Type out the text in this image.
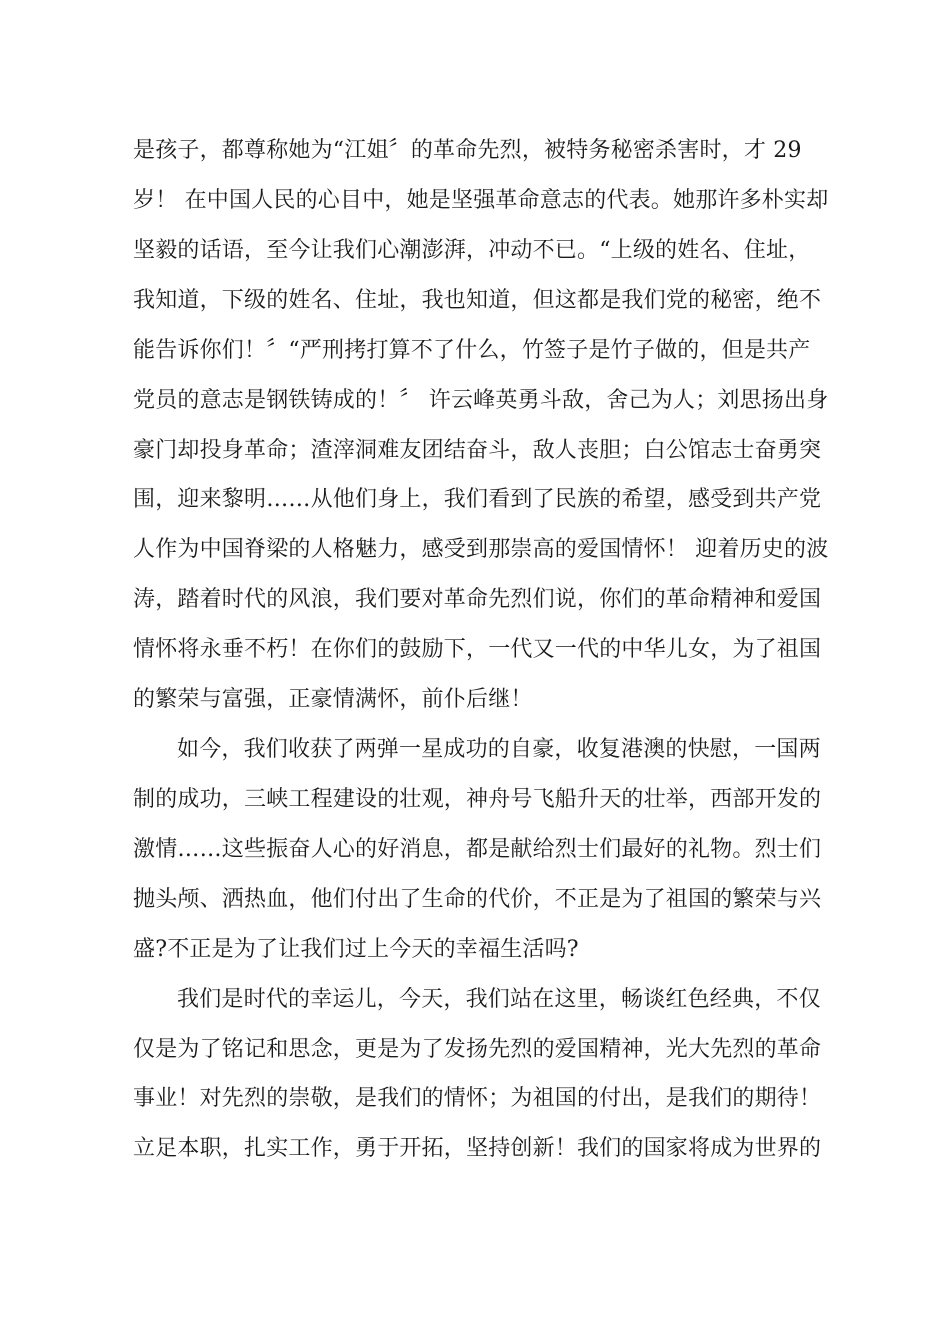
是孩子，都尊称她为“江姐〞的革命先烈，被特务秘密杀害时，才 29
岁！ 在中国人民的心目中，她是坚强革命意志的代表。她那许多朴实却
坚毅的话语，至今让我们心潮澎湃，冲动不已。“上级的姓名、住址，
我知道，下级的姓名、住址，我也知道，但这都是我们党的秘密，绝不
能告诉你们！〞“严刑拷打算不了什么，竹签子是竹子做的，但是共产
党员的意志是钢铁铸成的！〞 许云峰英勇斗敌，舍己为人；刘思扬出身
豪门却投身革命；渣滓洞难友团结奋斗，敌人丧胆；白公馆志士奋勇突
围，迎来黎明……从他们身上，我们看到了民族的希望，感受到共产党
人作为中国脊梁的人格魅力，感受到那崇高的爱国情怀！ 迎着历史的波
涛，踏着时代的风浪，我们要对革命先烈们说，你们的革命精神和爱国
情怀将永垂不朽！在你们的鼓励下，一代又一代的中华儿女，为了祖国
的繁荣与富强，正豪情满怀，前仆后继！
如今，我们收获了两弹一星成功的自豪，收复港澳的快慰，一国两
制的成功，三峡工程建设的壮观，神舟号飞船升天的壮举，西部开发的
激情……这些振奋人心的好消息，都是献给烈士们最好的礼物。烈士们
抛头颅、洒热血，他们付出了生命的代价，不正是为了祖国的繁荣与兴
盛?不正是为了让我们过上今天的幸福生活吗?
我们是时代的幸运儿，今天，我们站在这里，畅谈红色经典，不仅
仅是为了铭记和思念，更是为了发扬先烈的爱国精神，光大先烈的革命
事业！对先烈的崇敬，是我们的情怀；为祖国的付出，是我们的期待！
立足本职，扎实工作，勇于开拓，坚持创新！我们的国家将成为世界的
